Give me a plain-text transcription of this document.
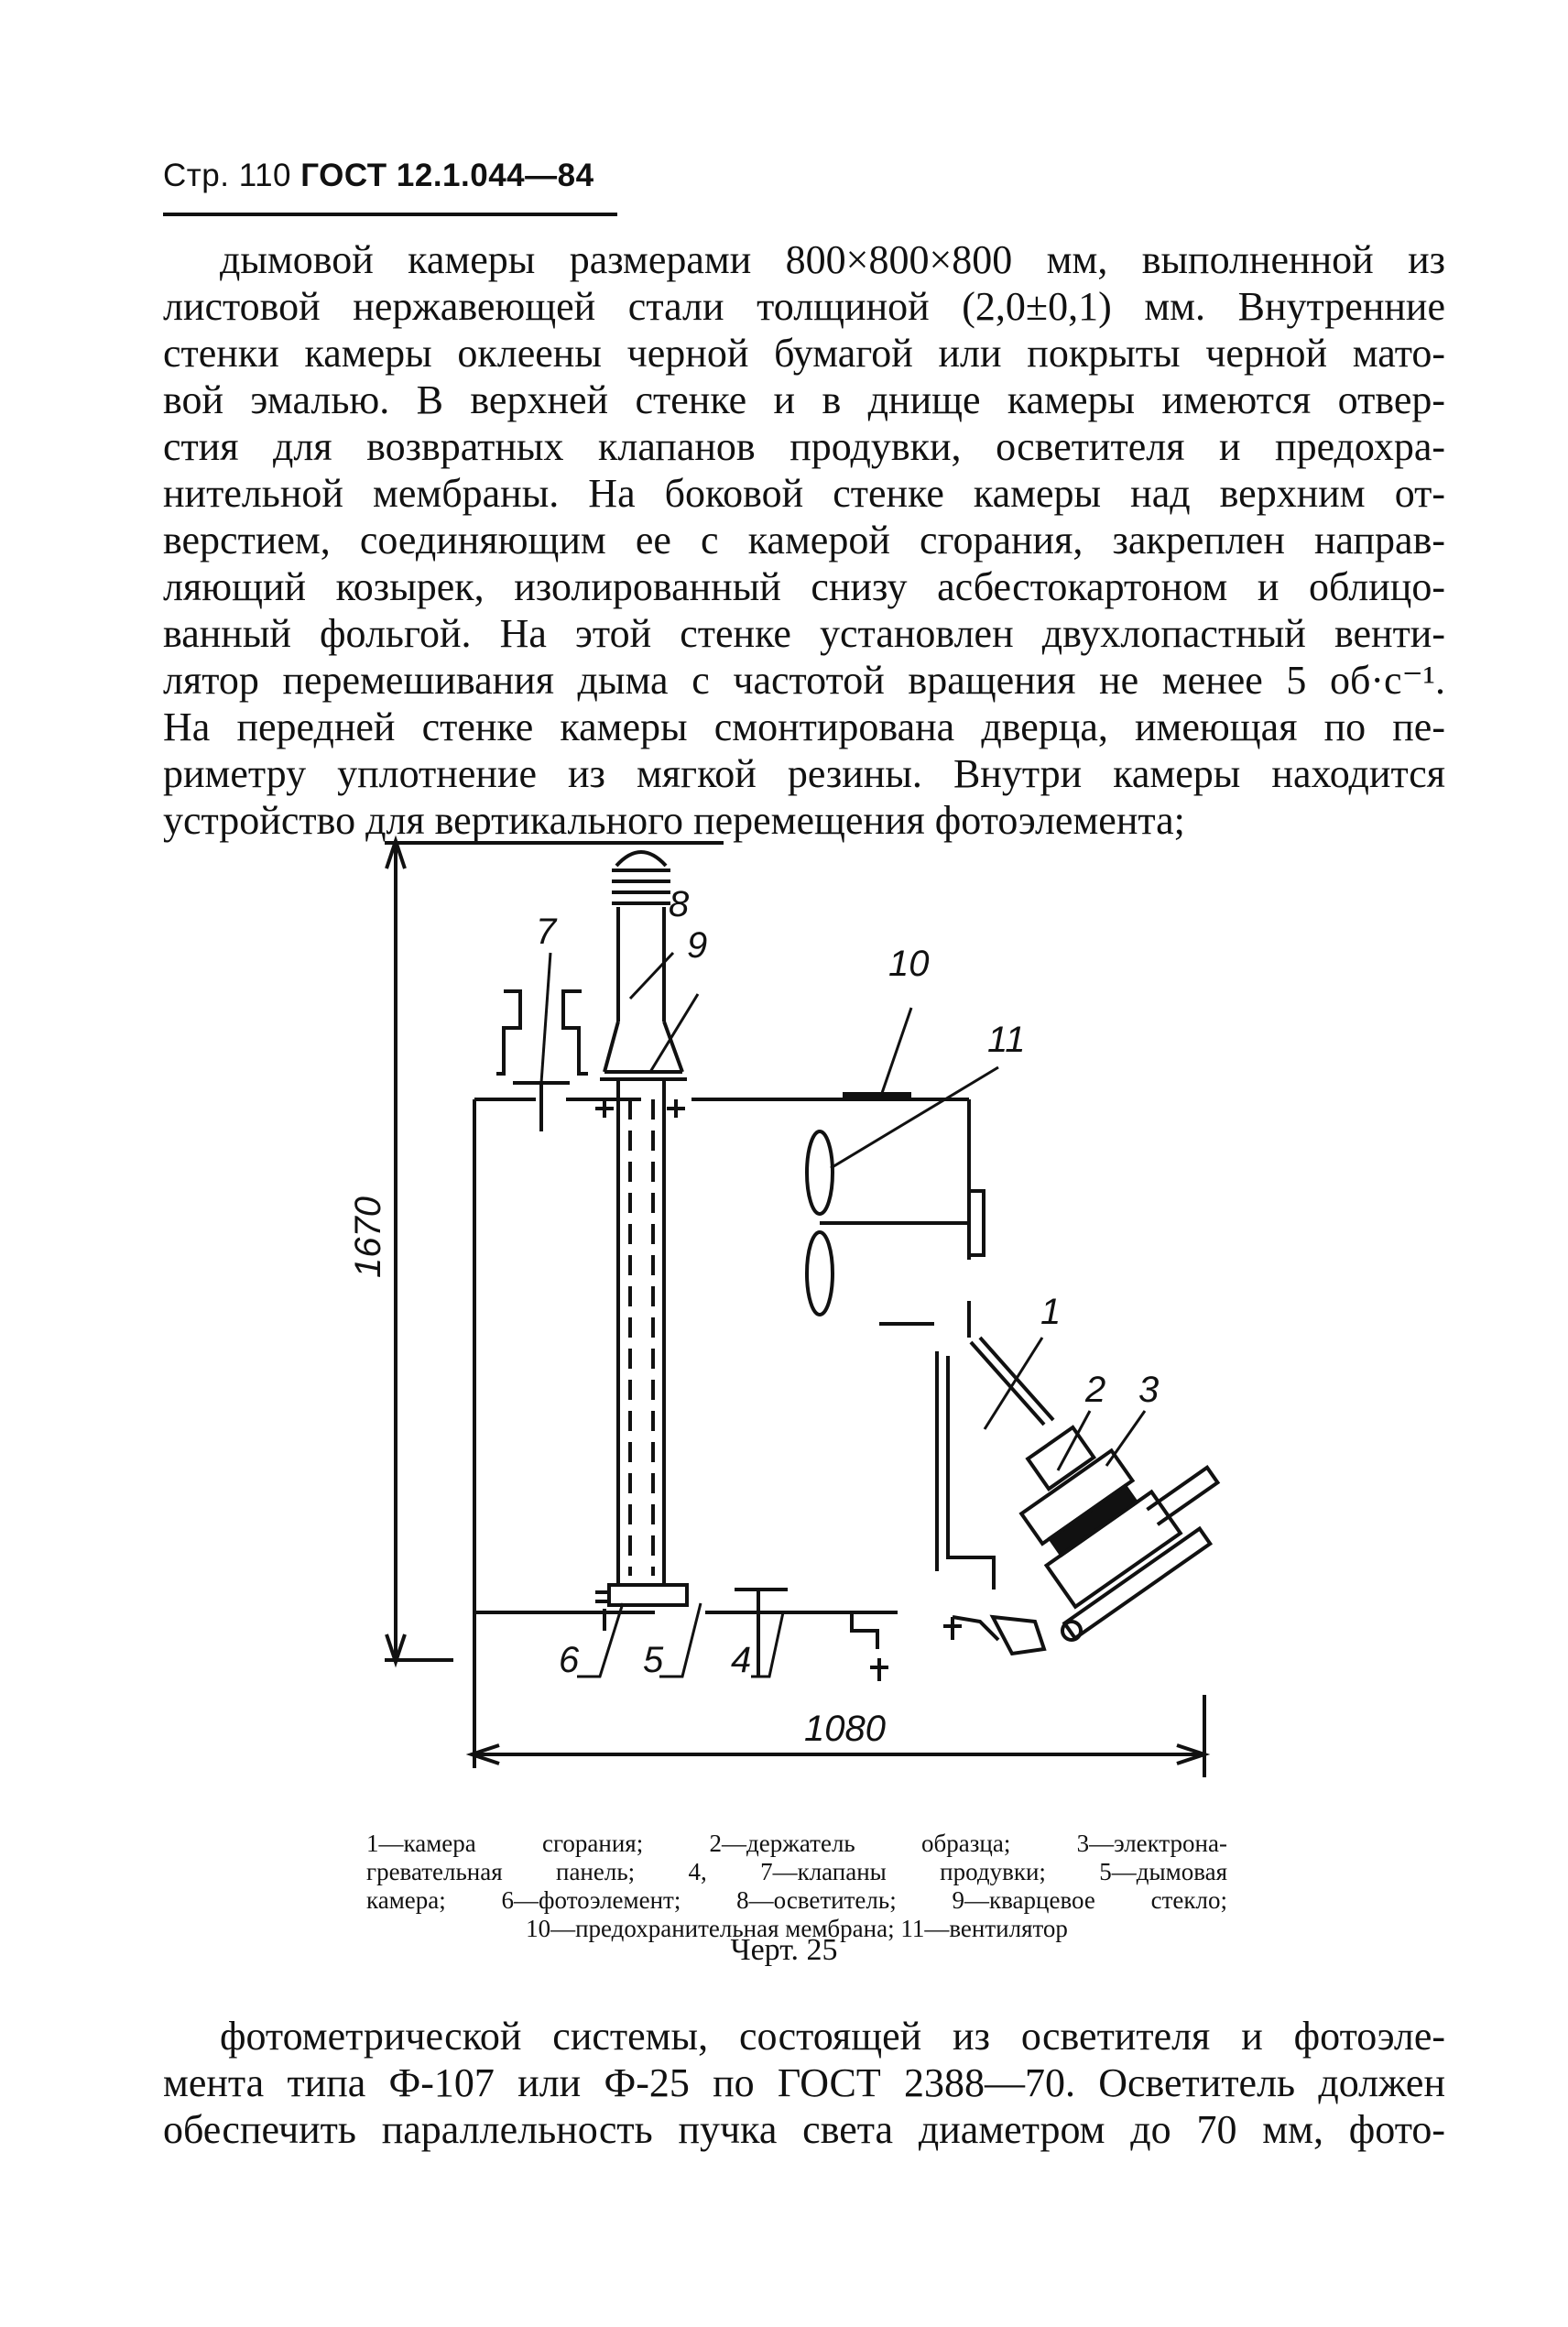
Стр. 110 ГОСТ 12.1.044—84
дымовой камеры размерами 800×800×800 мм, выполненной из
листовой нержавеющей стали толщиной (2,0±0,1) мм. Внутренние
стенки камеры оклеены черной бумагой или покрыты черной мато-
вой эмалью. В верхней стенке и в днище камеры имеются отвер-
стия для возвратных клапанов продувки, осветителя и предохра-
нительной мембраны. На боковой стенке камеры над верхним от-
верстием, соединяющим ее с камерой сгорания, закреплен направ-
ляющий козырек, изолированный снизу асбестокартоном и облицо-
ванный фольгой. На этой стенке установлен двухлопастный венти-
лятор перемешивания дыма с частотой вращения не менее 5 об·с⁻¹.
На передней стенке камеры смонтирована дверца, имеющая по пе-
риметру уплотнение из мягкой резины. Внутри камеры находится
устройство для вертикального перемещения фотоэлемента;
7
8
9	10
11
1
2 3
4
5
6
1670
1080
1—камера сгорания; 2—держатель образца; 3—электрона-
гревательная панель; 4, 7—клапаны продувки; 5—дымовая
камера; 6—фотоэлемент; 8—осветитель; 9—кварцевое стекло;
10—предохранительная мембрана; 11—вентилятор
Черт. 25
фотометрической системы, состоящей из осветителя и фотоэле-
мента типа Ф-107 или Ф-25 по ГОСТ 2388—70. Осветитель должен
обеспечить параллельность пучка света диаметром до 70 мм, фото-
